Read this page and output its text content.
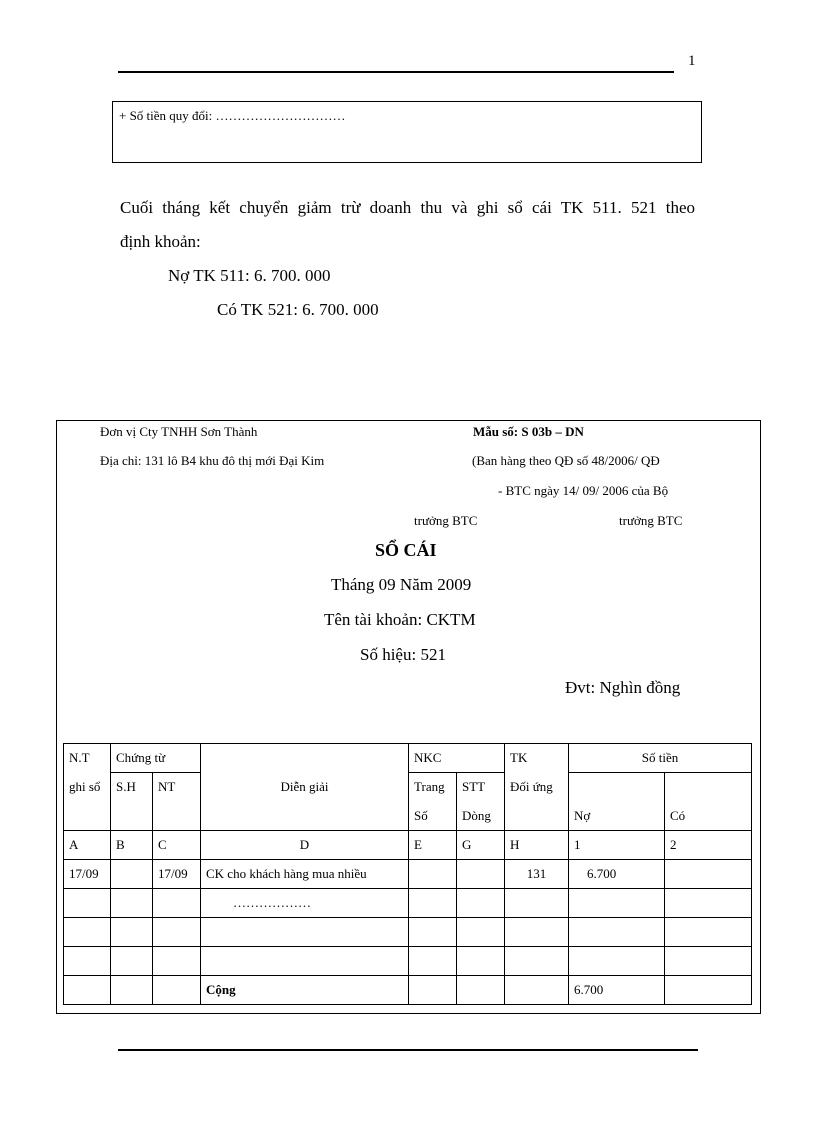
1
+ Số tiền quy đổi: …………………………
Cuối tháng kết chuyển giảm trừ doanh thu và ghi sổ cái TK 511. 521 theo
định khoản:
Nợ TK 511: 6. 700. 000
Có TK 521: 6. 700. 000
Đơn vị Cty TNHH Sơn Thành	Mẫu số: S 03b – DN
Địa chỉ: 131 lô B4 khu đô thị mới Đại Kim	(Ban hàng theo QĐ số 48/2006/ QĐ
- BTC ngày 14/ 09/ 2006 của Bộ
trưởng BTC	trưởng BTC
SỔ CÁI
Tháng 09 Năm 2009
Tên tài khoản: CKTM
Số hiệu: 521
Đvt: Nghìn đồng
N.T	Chứng từ			NKC		TK	Số tiền	
ghi sổ	S.H	NT	Diễn giải	Trang	STT	Đối ứng		
				Số	Dòng		Nợ	Có
A	B	C	D	E	G	H	1	2
17/09		17/09	CK cho khách hàng mua nhiều			131	6.700	
			………………					

			Cộng				6.700	
